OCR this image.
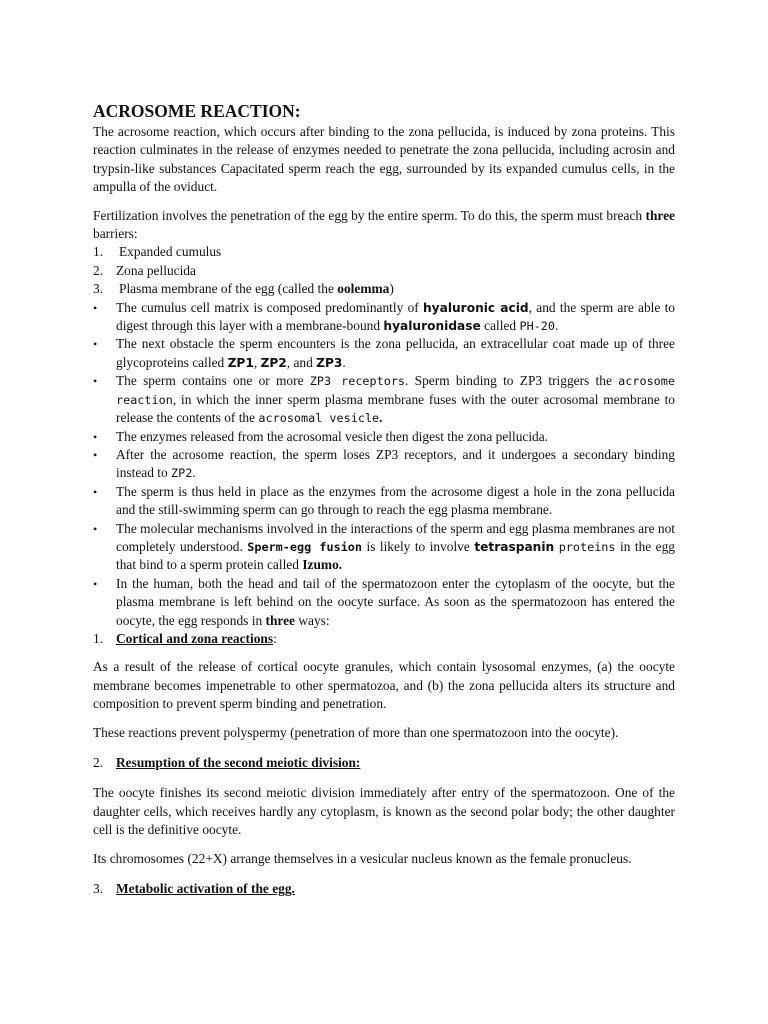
ACROSOME REACTION:

The acrosome reaction, which occurs after binding to the zona pellucida, is induced by zona proteins. This reaction culminates in the release of enzymes needed to penetrate the zona pellucida, including acrosin and trypsin-like substances Capacitated sperm reach the egg, surrounded by its expanded cumulus cells, in the ampulla of the oviduct.

Fertilization involves the penetration of the egg by the entire sperm. To do this, the sperm must breach three barriers:

1.	Expanded cumulus
2. Zona pellucida
3.	Plasma membrane of the egg (called the oolemma)
•	The cumulus cell matrix is composed predominantly of hyaluronic acid, and the sperm are able to digest through this layer with a membrane-bound hyaluronidase called PH-20.
•	The next obstacle the sperm encounters is the zona pellucida, an extracellular coat made up of three glycoproteins called ZP1, ZP2, and ZP3.
•	The sperm contains one or more ZP3 receptors. Sperm binding to ZP3 triggers the acrosome reaction, in which the inner sperm plasma membrane fuses with the outer acrosomal membrane to release the contents of the acrosomal vesicle.
•	The enzymes released from the acrosomal vesicle then digest the zona pellucida.
•	After the acrosome reaction, the sperm loses ZP3 receptors, and it undergoes a secondary binding instead to ZP2.
•	The sperm is thus held in place as the enzymes from the acrosome digest a hole in the zona pellucida and the still-swimming sperm can go through to reach the egg plasma membrane.
•	The molecular mechanisms involved in the interactions of the sperm and egg plasma membranes are not completely understood. Sperm-egg fusion is likely to involve tetraspanin proteins in the egg that bind to a sperm protein called Izumo.
•	In the human, both the head and tail of the spermatozoon enter the cytoplasm of the oocyte, but the plasma membrane is left behind on the oocyte surface. As soon as the spermatozoon has entered the oocyte, the egg responds in three ways:
1. Cortical and zona reactions:

As a result of the release of cortical oocyte granules, which contain lysosomal enzymes, (a) the oocyte membrane becomes impenetrable to other spermatozoa, and (b) the zona pellucida alters its structure and composition to prevent sperm binding and penetration.

These reactions prevent polyspermy (penetration of more than one spermatozoon into the oocyte).

2. Resumption of the second meiotic division:

The oocyte finishes its second meiotic division immediately after entry of the spermatozoon. One of the daughter cells, which receives hardly any cytoplasm, is known as the second polar body; the other daughter cell is the definitive oocyte.

Its chromosomes (22+X) arrange themselves in a vesicular nucleus known as the female pronucleus.

3. Metabolic activation of the egg.
